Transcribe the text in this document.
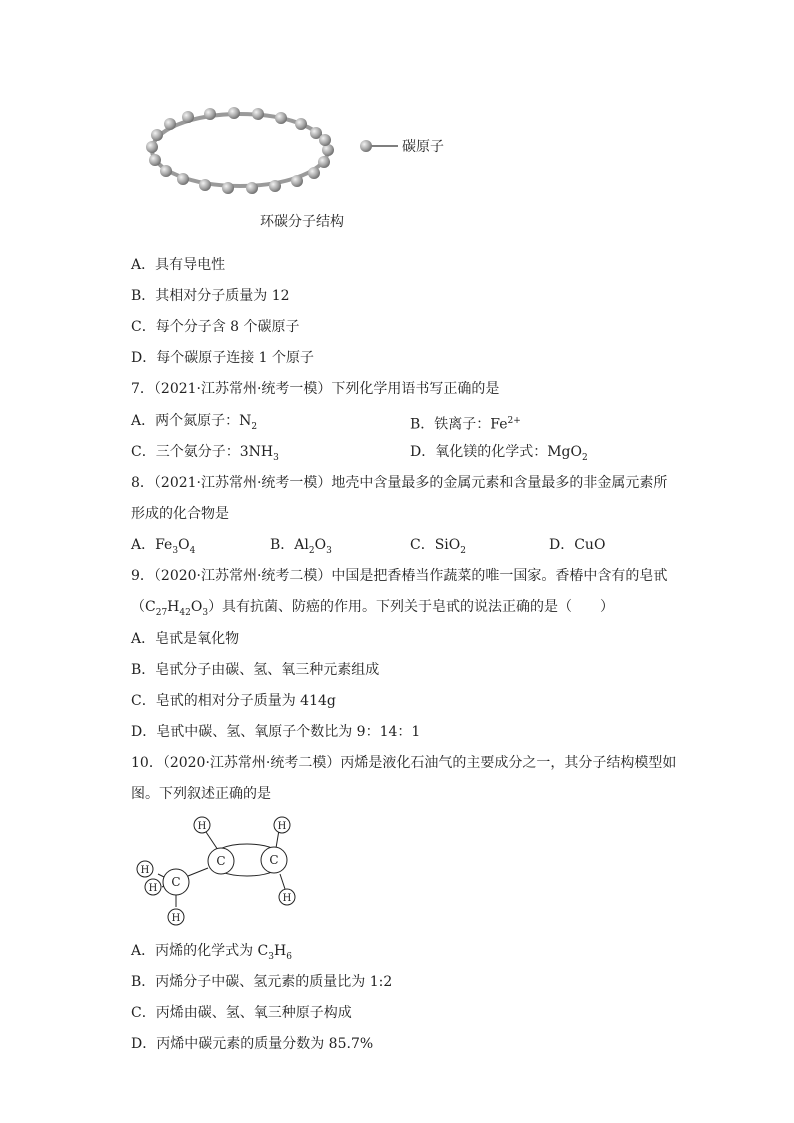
碳原子
环碳分子结构
A．具有导电性
B．其相对分子质量为 12
C．每个分子含 8 个碳原子
D．每个碳原子连接 1 个原子
7．（2021·江苏常州·统考一模）下列化学用语书写正确的是
A．两个氮原子：$N_2$	B．铁离子：$Fe^{2+}$
C．三个氨分子：$3NH_3$	D．氧化镁的化学式：MgO$_2$
8．（2021·江苏常州·统考一模）地壳中含量最多的金属元素和含量最多的非金属元素所
形成的化合物是
A．$Fe_3O_4$	B．$Al_2O_3$	C．SiO$_2$	D．CuO
9．（2020·江苏常州·统考二模）中国是把香椿当作蔬菜的唯一国家。香椿中含有的皂甙
$(C_{27}H_{42}O_3)$具有抗菌、防癌的作用。下列关于皂甙的说法正确的是（　　）
A．皂甙是氧化物
B．皂甙分子由碳、氢、氧三种元素组成
C．皂甙的相对分子质量为 414g
D．皂甙中碳、氢、氧原子个数比为 9：14：1
10．（2020·江苏常州·统考二模）丙烯是液化石油气的主要成分之一，其分子结构模型如
图。下列叙述正确的是
C
C	C
H	H
H
H
H
H
A．丙烯的化学式为 $C_3H_6$
B．丙烯分子中碳、氢元素的质量比为 1:2
C．丙烯由碳、氢、氧三种原子构成
D．丙烯中碳元素的质量分数为 85.7%
